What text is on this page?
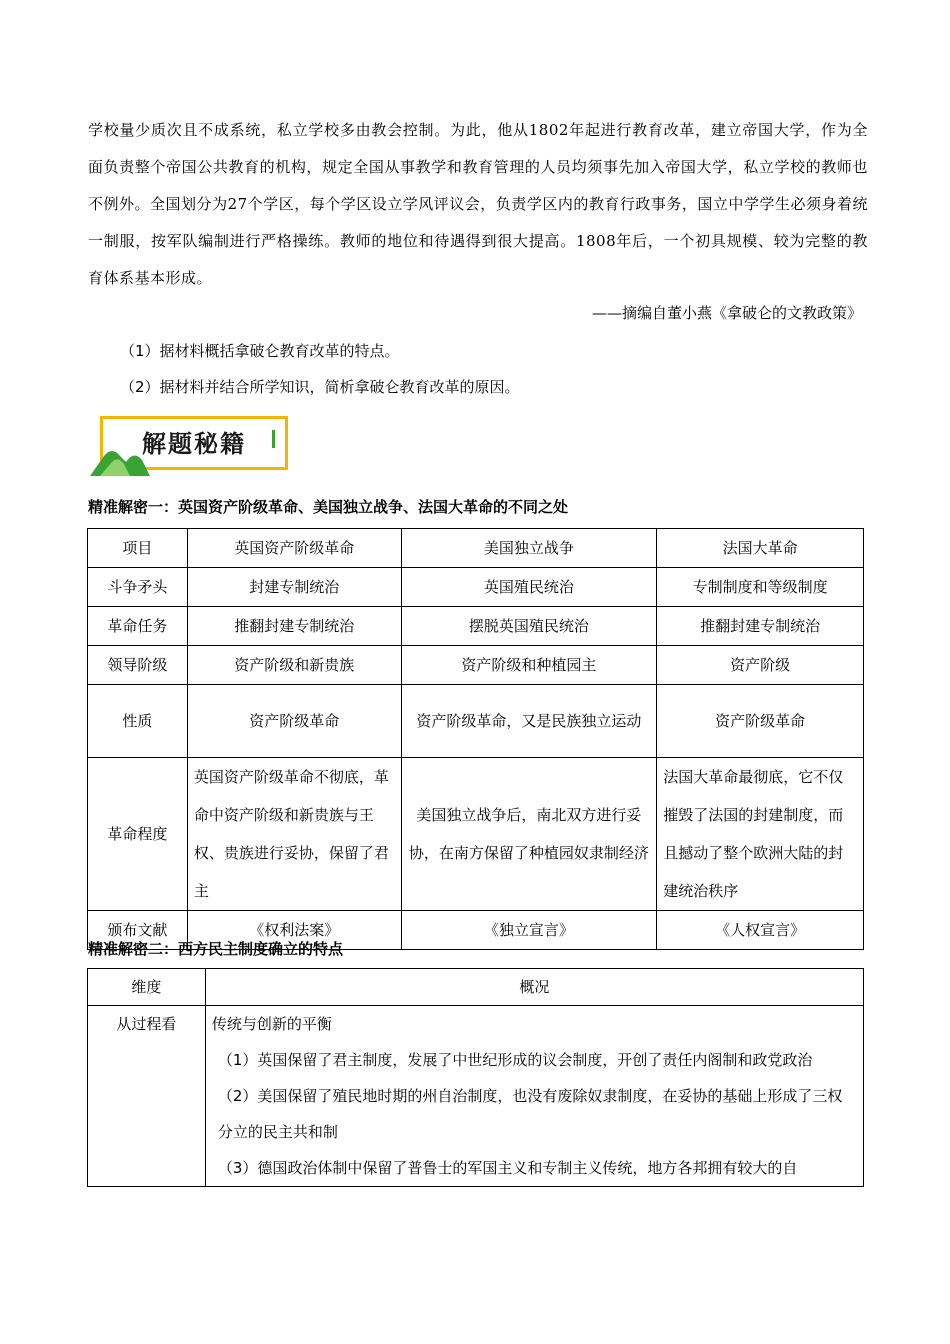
学校量少质次且不成系统，私立学校多由教会控制。为此，他从1802年起进行教育改革，建立帝国大学，作为全面负责整个帝国公共教育的机构，规定全国从事教学和教育管理的人员均须事先加入帝国大学，私立学校的教师也不例外。全国划分为27个学区，每个学区设立学风评议会，负责学区内的教育行政事务，国立中学学生必须身着统一制服，按军队编制进行严格操练。教师的地位和待遇得到很大提高。1808年后，一个初具规模、较为完整的教育体系基本形成。

——摘编自董小燕《拿破仑的文教政策》
（1）据材料概括拿破仑教育改革的特点。
（2）据材料并结合所学知识，简析拿破仑教育改革的原因。
解题秘籍
精准解密一：英国资产阶级革命、美国独立战争、法国大革命的不同之处
项目	英国资产阶级革命	美国独立战争	法国大革命
斗争矛头	封建专制统治	英国殖民统治	专制制度和等级制度
革命任务	推翻封建专制统治	摆脱英国殖民统治	推翻封建专制统治
领导阶级	资产阶级和新贵族	资产阶级和种植园主	资产阶级
性质	资产阶级革命	资产阶级革命，又是民族独立运动	资产阶级革命
革命程度	英国资产阶级革命不彻底，革命中资产阶级和新贵族与王权、贵族进行妥协，保留了君主	美国独立战争后，南北双方进行妥协，在南方保留了种植园奴隶制经济	法国大革命最彻底，它不仅摧毁了法国的封建制度，而且撼动了整个欧洲大陆的封建统治秩序
颁布文献	《权利法案》	《独立宣言》	《人权宣言》
精准解密二：西方民主制度确立的特点
维度	概况
从过程看	传统与创新的平衡
（1）英国保留了君主制度，发展了中世纪形成的议会制度，开创了责任内阁制和政党政治
（2）美国保留了殖民地时期的州自治制度，也没有废除奴隶制度，在妥协的基础上形成了三权分立的民主共和制
（3）德国政治体制中保留了普鲁士的军国主义和专制主义传统，地方各邦拥有较大的自
